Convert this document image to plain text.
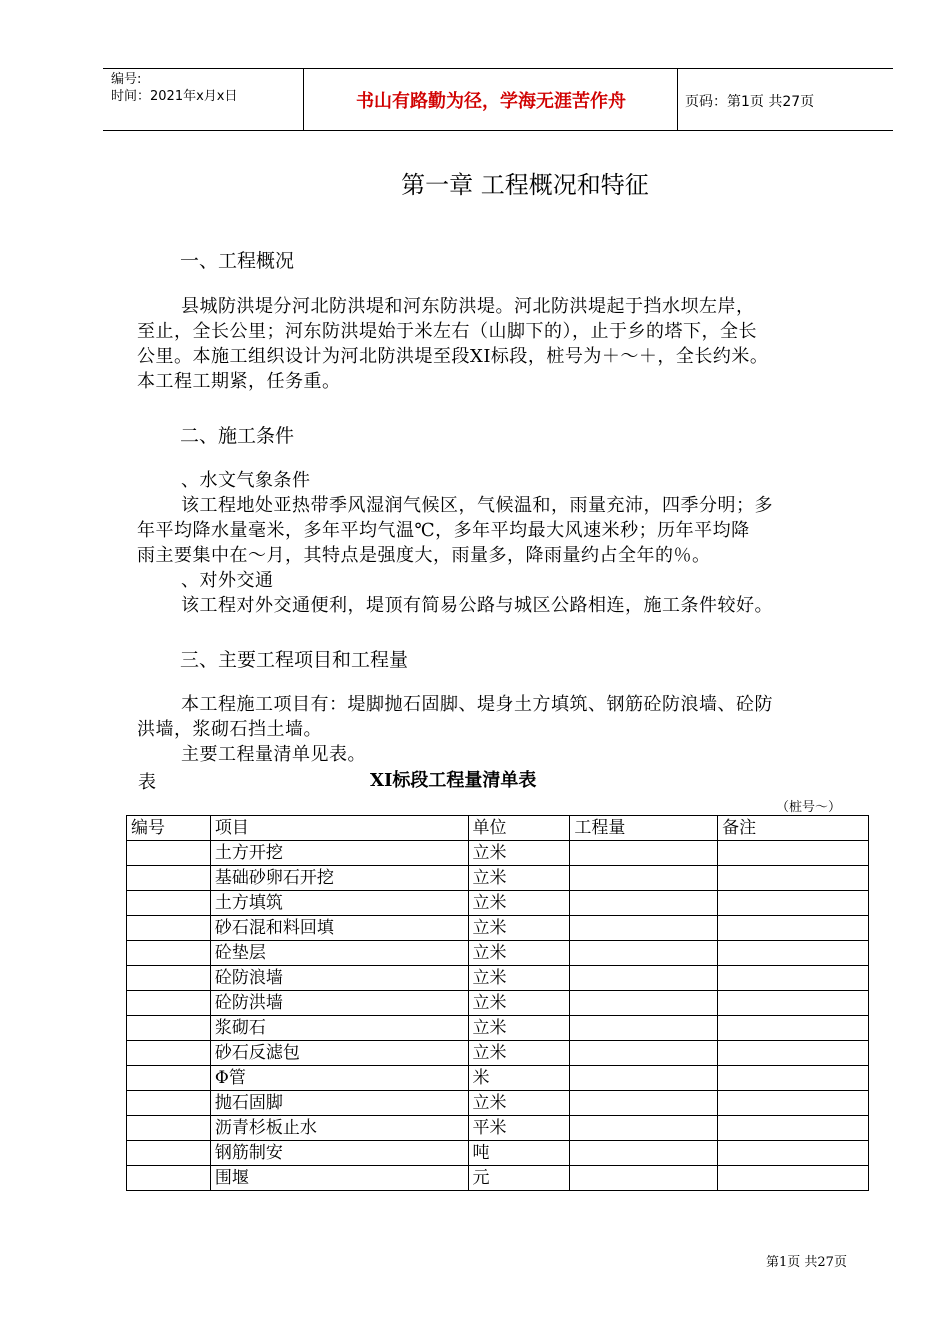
编号:
时间：2021年x月x日	书山有路勤为径，学海无涯苦作舟	页码：第1页 共27页
第一章 工程概况和特征
一、工程概况
县城防洪堤分河北防洪堤和河东防洪堤。河北防洪堤起于挡水坝左岸，
至止，全长公里；河东防洪堤始于米左右（山脚下的），止于乡的塔下，全长
公里。本施工组织设计为河北防洪堤至段XI标段，桩号为＋～＋，全长约米。
本工程工期紧，任务重。
二、施工条件
、水文气象条件
该工程地处亚热带季风湿润气候区，气候温和，雨量充沛，四季分明；多
年平均降水量毫米，多年平均气温℃，多年平均最大风速米秒；历年平均降
雨主要集中在～月，其特点是强度大，雨量多，降雨量约占全年的％。
、对外交通
该工程对外交通便利，堤顶有简易公路与城区公路相连，施工条件较好。
三、主要工程项目和工程量
本工程施工项目有：堤脚抛石固脚、堤身土方填筑、钢筋砼防浪墙、砼防
洪墙，浆砌石挡土墙。
主要工程量清单见表。
表	XI标段工程量清单表
（桩号～）
编号	项目	单位	工程量	备注
	土方开挖	立米		
	基础砂卵石开挖	立米		
	土方填筑	立米		
	砂石混和料回填	立米		
	砼垫层	立米		
	砼防浪墙	立米		
	砼防洪墙	立米		
	浆砌石	立米		
	砂石反滤包	立米		
	Φ管	米		
	抛石固脚	立米		
	沥青杉板止水	平米		
	钢筋制安	吨		
	围堰	元		
第1页 共27页
